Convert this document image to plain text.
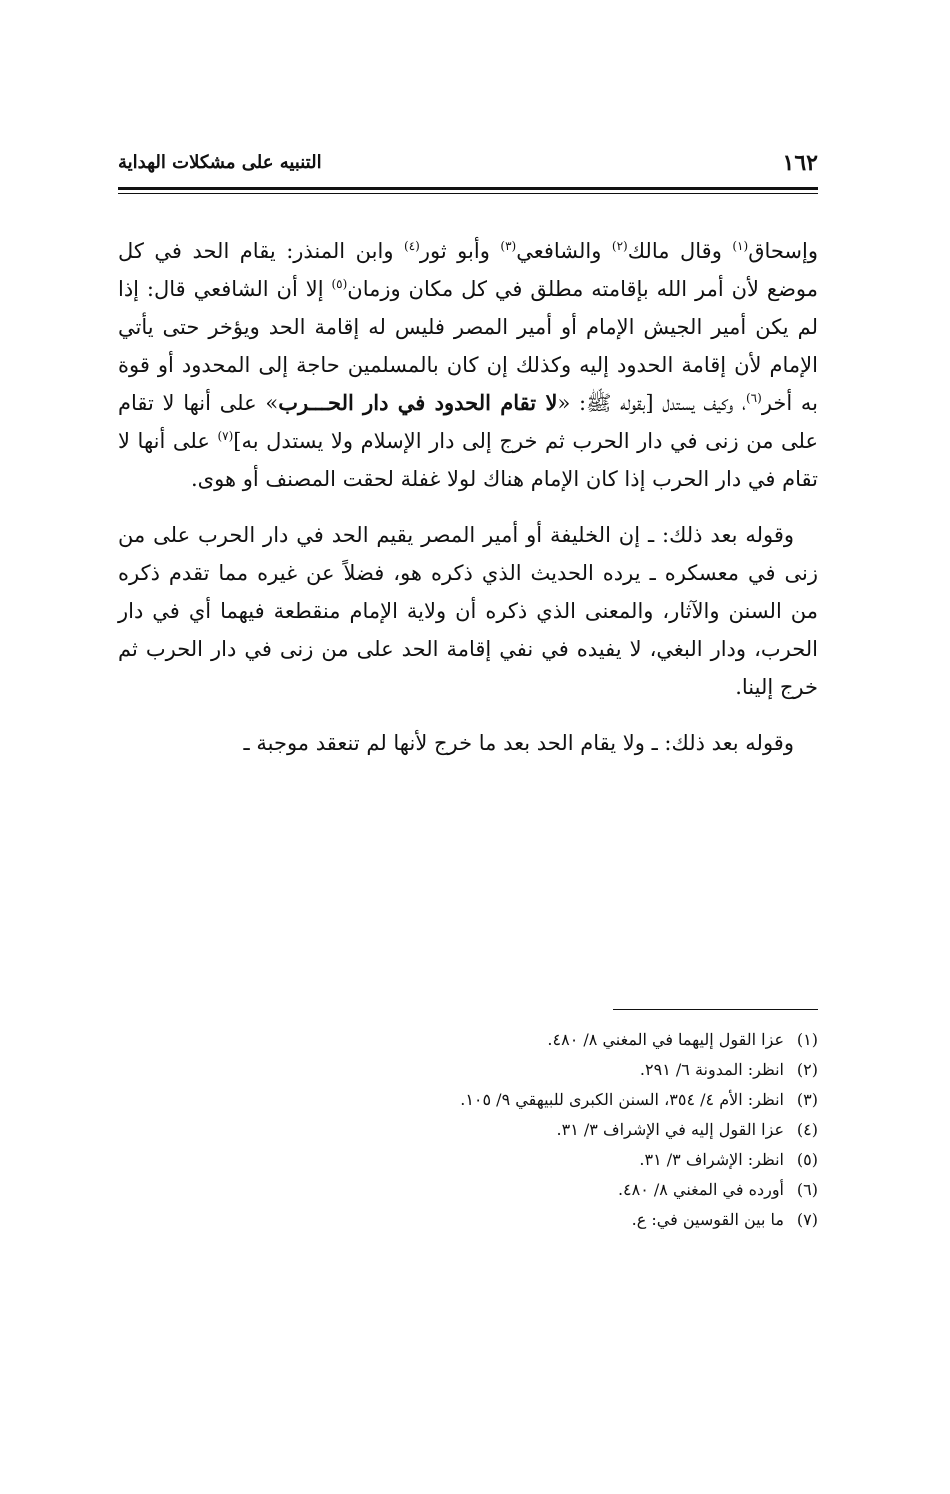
١٦٢
التنبيه على مشكلات الهداية

وإسحاق$^{(١)}$ وقال مالك$^{(٢)}$ والشافعي$^{(٣)}$ وأبو ثور$^{(٤)}$ وابن المنذر: يقام الحد في كل موضع لأن أمر الله بإقامته مطلق في كل مكان وزمان$^{(٥)}$ إلا أن الشافعي قال: إذا لم يكن أمير الجيش الإمام أو أمير المصر فليس له إقامة الحد ويؤخر حتى يأتي الإمام لأن إقامة الحدود إليه وكذلك إن كان بالمسلمين حاجة إلى المحدود أو قوة به أخر$^{(٦)}$، وكيف يستدل [بقوله ﷺ: «لا تقام الحدود في دار الحـــرب» على أنها لا تقام على من زنى في دار الحرب ثم خرج إلى دار الإسلام ولا يستدل به]$^{(٧)}$ على أنها لا تقام في دار الحرب إذا كان الإمام هناك لولا غفلة لحقت المصنف أو هوى.

وقوله بعد ذلك: ـ إن الخليفة أو أمير المصر يقيم الحد في دار الحرب على من زنى في معسكره ـ يرده الحديث الذي ذكره هو، فضلاً عن غيره مما تقدم ذكره من السنن والآثار، والمعنى الذي ذكره أن ولاية الإمام منقطعة فيهما أي في دار الحرب، ودار البغي، لا يفيده في نفي إقامة الحد على من زنى في دار الحرب ثم خرج إلينا.

وقوله بعد ذلك: ـ ولا يقام الحد بعد ما خرج لأنها لم تنعقد موجبة ـ

(١)عزا القول إليهما في المغني ٨/ ٤٨٠.
(٢)انظر: المدونة ٦/ ٢٩١.
(٣)انظر: الأم ٤/ ٣٥٤، السنن الكبرى للبيهقي ٩/ ١٠٥.
(٤)عزا القول إليه في الإشراف ٣/ ٣١.
(٥)انظر: الإشراف ٣/ ٣١.
(٦)أورده في المغني ٨/ ٤٨٠.
(٧)ما بين القوسين في: ع.
